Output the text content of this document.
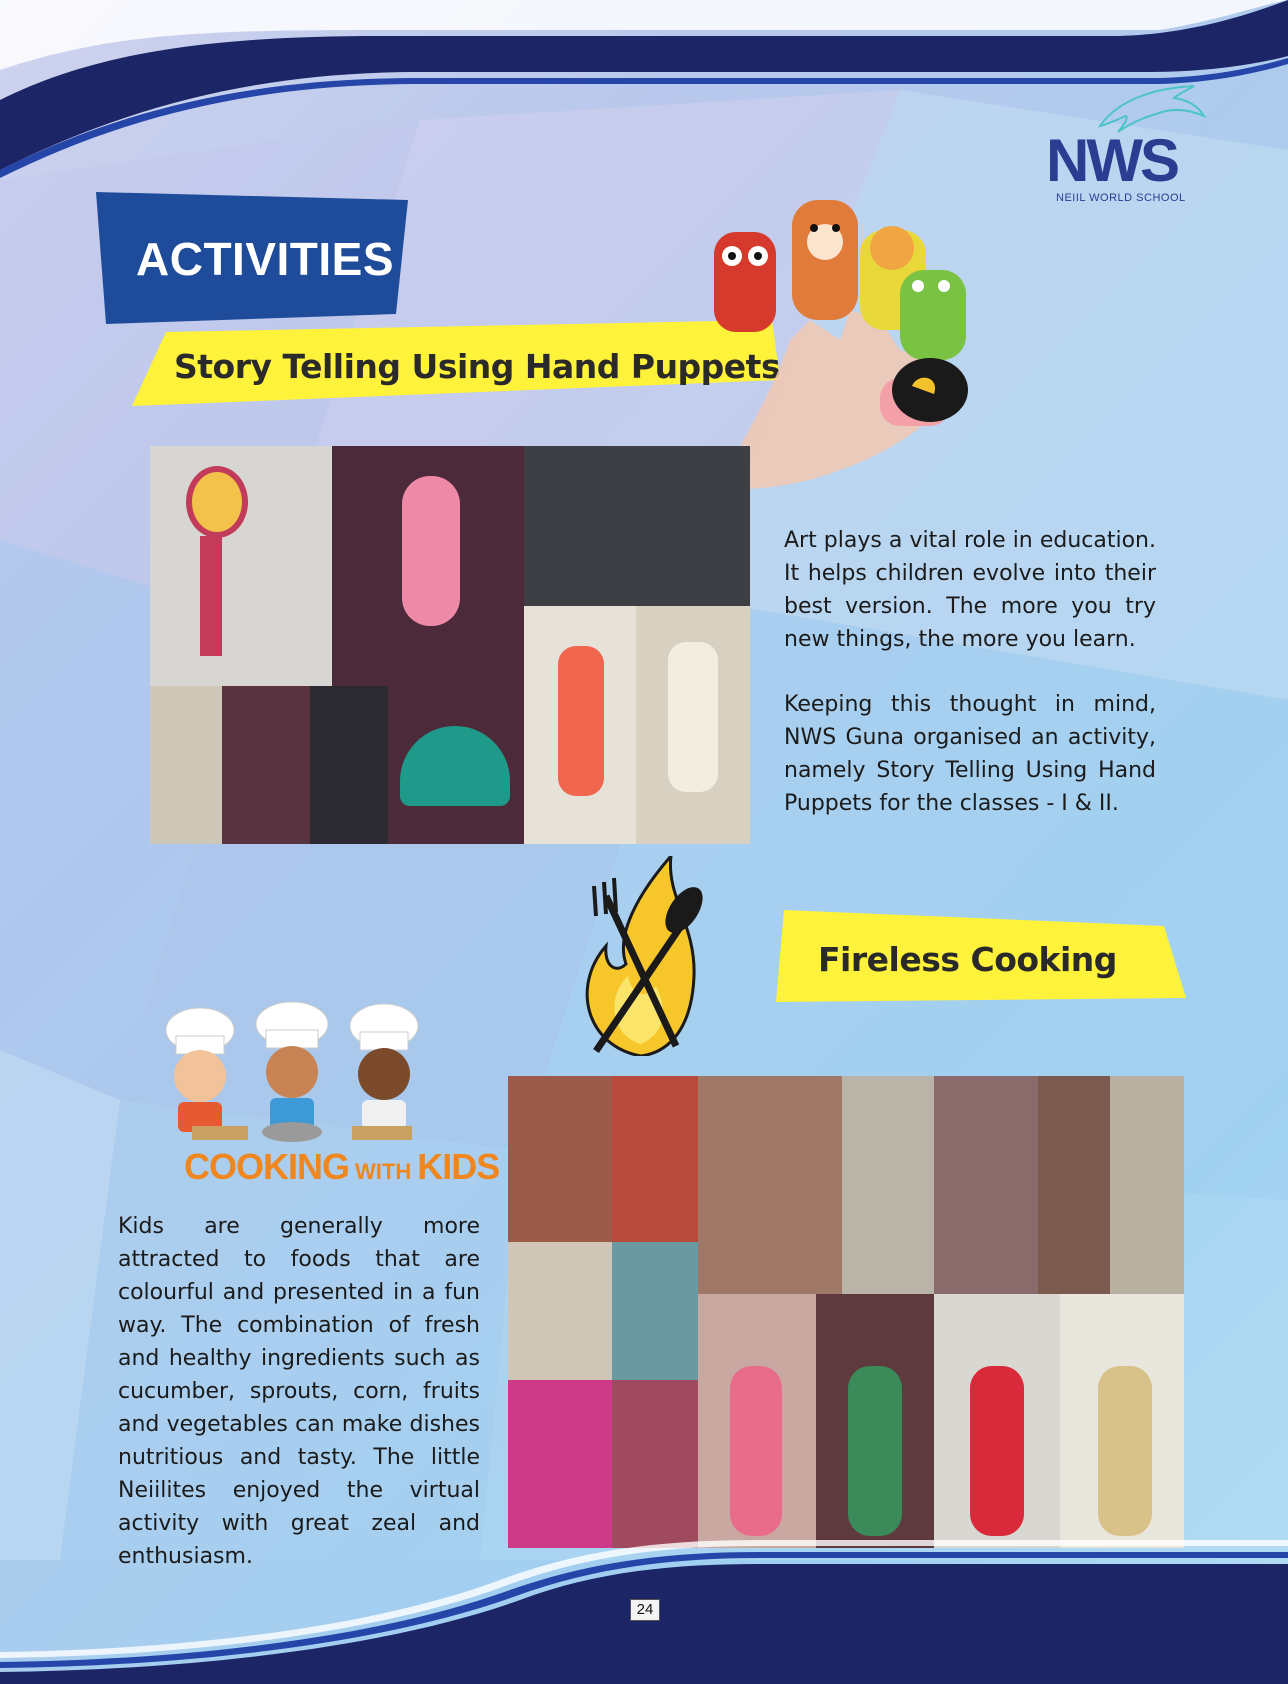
NWS
NEIIL WORLD SCHOOL
ACTIVITIES
Story Telling Using Hand Puppets

Art plays a vital role in education. It helps children evolve into their best version. The more you try new things, the more you learn.

Keeping this thought in mind, NWS Guna organised an activity, namely Story Telling Using Hand Puppets for the classes - I & II.

Fireless Cooking
COOKING WITH KIDS

Kids are generally more attracted to foods that are colourful and presented in a fun way. The combination of fresh and healthy ingredients such as cucumber, sprouts, corn, fruits and vegetables can make dishes nutritious and tasty. The little Neiilites enjoyed the virtual activity with great zeal and enthusiasm.

24
